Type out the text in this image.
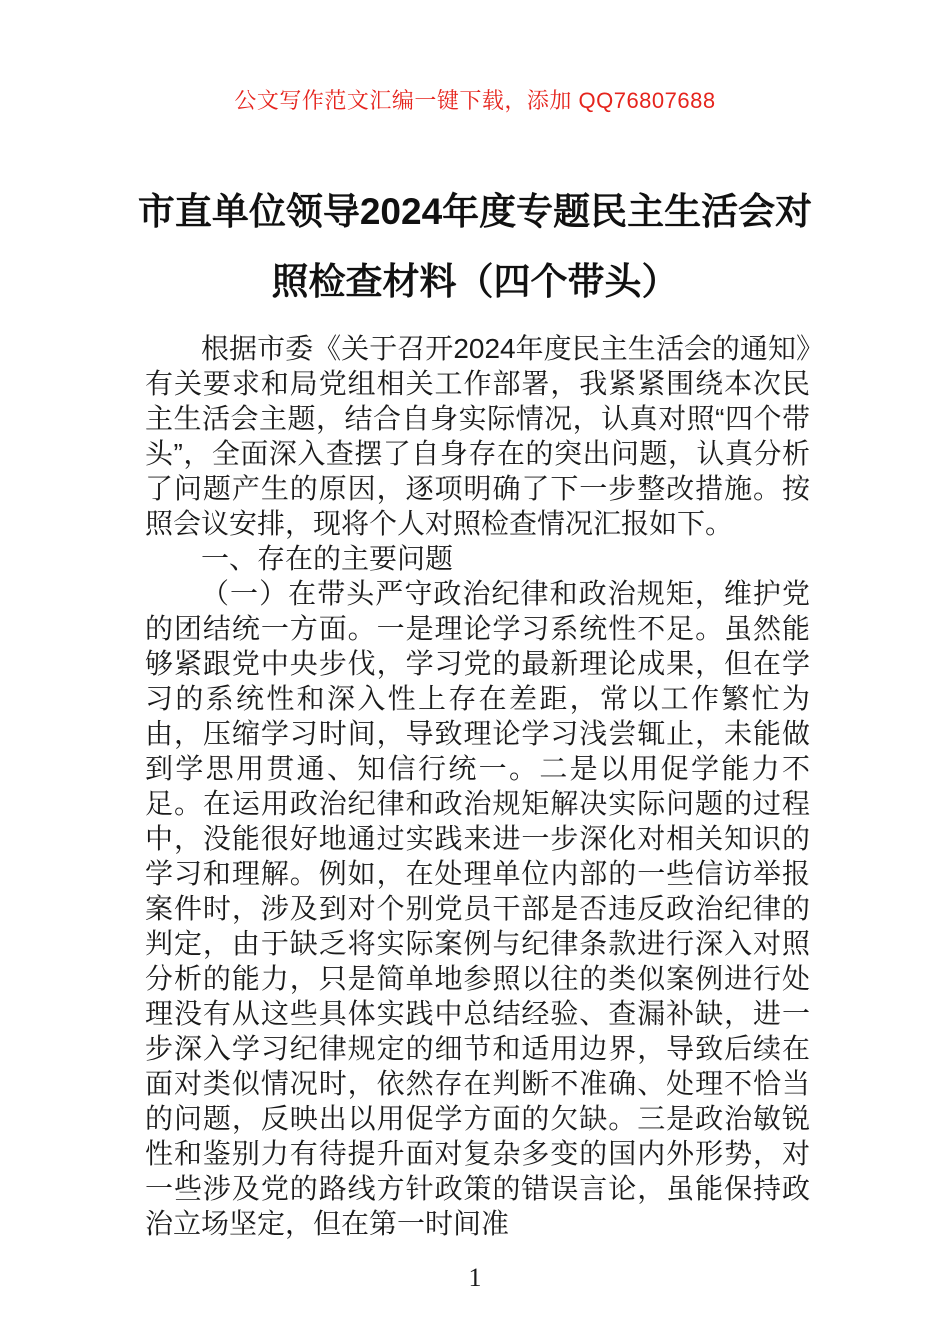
公文写作范文汇编一键下载，添加 QQ76807688
市直单位领导2024年度专题民主生活会对照检查材料（四个带头）

根据市委《关于召开2024年度民主生活会的通知》有关要求和局党组相关工作部署，我紧紧围绕本次民主生活会主题，结合自身实际情况，认真对照“四个带头”，全面深入查摆了自身存在的突出问题，认真分析了问题产生的原因，逐项明确了下一步整改措施。按照会议安排，现将个人对照检查情况汇报如下。

一、存在的主要问题

（一）在带头严守政治纪律和政治规矩，维护党的团结统一方面。一是理论学习系统性不足。虽然能够紧跟党中央步伐，学习党的最新理论成果，但在学习的系统性和深入性上存在差距，常以工作繁忙为由，压缩学习时间，导致理论学习浅尝辄止，未能做到学思用贯通、知信行统一。二是以用促学能力不足。在运用政治纪律和政治规矩解决实际问题的过程中，没能很好地通过实践来进一步深化对相关知识的学习和理解。例如，在处理单位内部的一些信访举报案件时，涉及到对个别党员干部是否违反政治纪律的判定，由于缺乏将实际案例与纪律条款进行深入对照分析的能力，只是简单地参照以往的类似案例进行处理没有从这些具体实践中总结经验、查漏补缺，进一步深入学习纪律规定的细节和适用边界，导致后续在面对类似情况时，依然存在判断不准确、处理不恰当的问题，反映出以用促学方面的欠缺。三是政治敏锐性和鉴别力有待提升面对复杂多变的国内外形势，对一些涉及党的路线方针政策的错误言论，虽能保持政治立场坚定，但在第一时间准

1
